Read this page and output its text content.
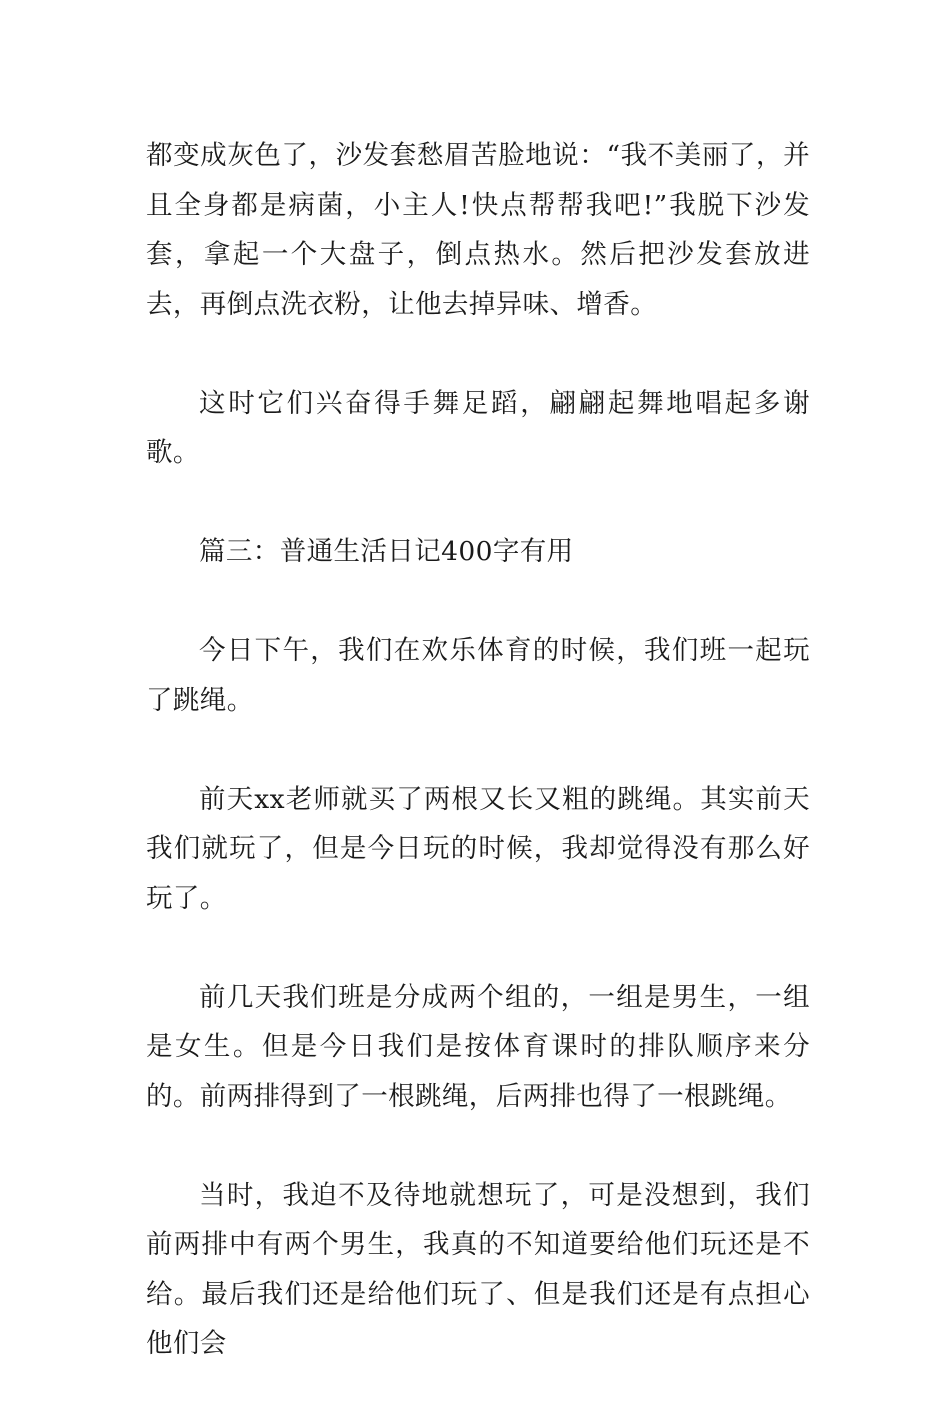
都变成灰色了，沙发套愁眉苦脸地说：“我不美丽了，并且全身都是病菌，小主人!快点帮帮我吧!”我脱下沙发套，拿起一个大盘子，倒点热水。然后把沙发套放进去，再倒点洗衣粉，让他去掉异味、增香。

这时它们兴奋得手舞足蹈，翩翩起舞地唱起多谢歌。

篇三：普通生活日记400字有用

今日下午，我们在欢乐体育的时候，我们班一起玩了跳绳。

前天xx老师就买了两根又长又粗的跳绳。其实前天我们就玩了，但是今日玩的时候，我却觉得没有那么好玩了。

前几天我们班是分成两个组的，一组是男生，一组是女生。但是今日我们是按体育课时的排队顺序来分的。前两排得到了一根跳绳，后两排也得了一根跳绳。

当时，我迫不及待地就想玩了，可是没想到，我们前两排中有两个男生，我真的不知道要给他们玩还是不给。最后我们还是给他们玩了、但是我们还是有点担心他们会
